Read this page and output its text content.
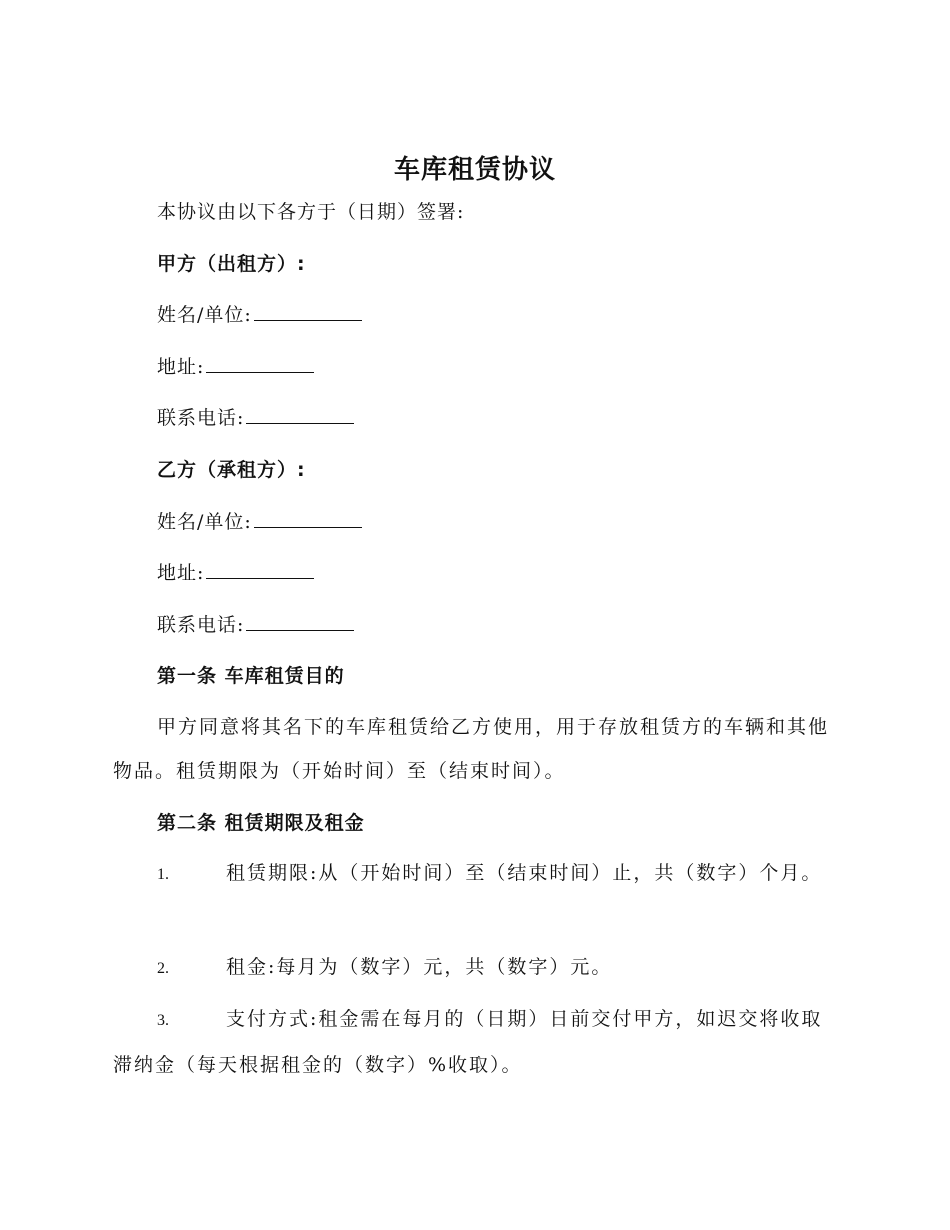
车库租赁协议
本协议由以下各方于（日期）签署:
甲方（出租方）:
姓名/单位:
地址:
联系电话:
乙方（承租方）:
姓名/单位:
地址:
联系电话:
第一条 车库租赁目的
甲方同意将其名下的车库租赁给乙方使用，用于存放租赁方的车辆和其他物品。租赁期限为（开始时间）至（结束时间）。
第二条 租赁期限及租金
1.	租赁期限:从（开始时间）至（结束时间）止，共（数字）个月。
2.	租金:每月为（数字）元，共（数字）元。
3.	支付方式:租金需在每月的（日期）日前交付甲方，如迟交将收取滞纳金（每天根据租金的（数字）%收取）。
